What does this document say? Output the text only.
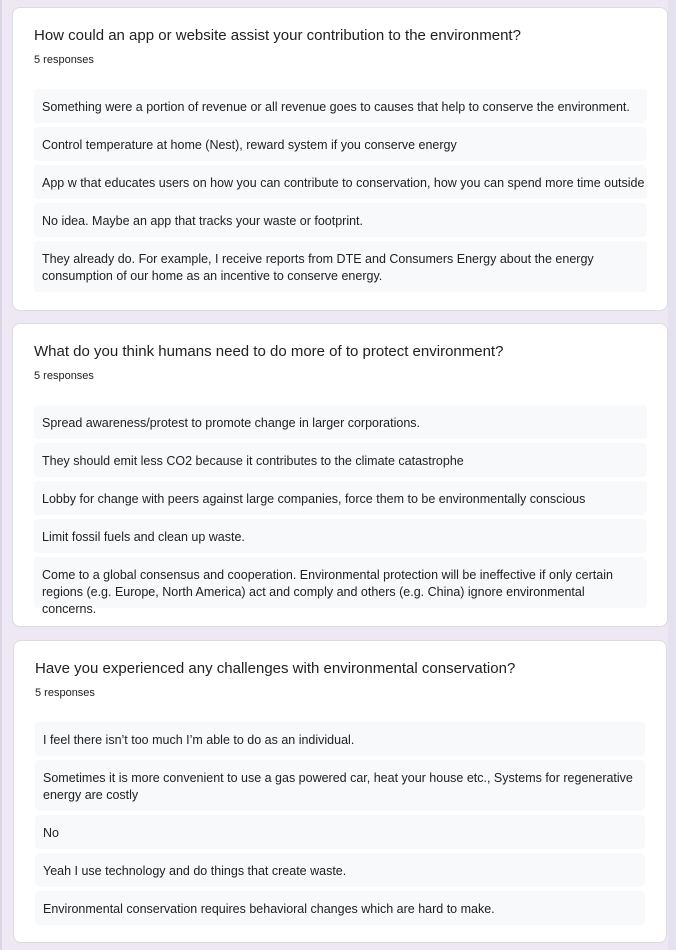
How could an app or website assist your contribution to the environment?
5 responses
Something were a portion of revenue or all revenue goes to causes that help to conserve the environment.
Control temperature at home (Nest), reward system if you conserve energy
App w that educates users on how you can contribute to conservation, how you can spend more time outside
No idea. Maybe an app that tracks your waste or footprint.
They already do. For example, I receive reports from DTE and Consumers Energy about the energy consumption of our home as an incentive to conserve energy.
What do you think humans need to do more of to protect environment?
5 responses
Spread awareness/protest to promote change in larger corporations.
They should emit less CO2 because it contributes to the climate catastrophe
Lobby for change with peers against large companies, force them to be environmentally conscious
Limit fossil fuels and clean up waste.
Come to a global consensus and cooperation. Environmental protection will be ineffective if only certain regions (e.g. Europe, North America) act and comply and others (e.g. China) ignore environmental concerns.
Have you experienced any challenges with environmental conservation?
5 responses
I feel there isn’t too much I’m able to do as an individual.
Sometimes it is more convenient to use a gas powered car, heat your house etc., Systems for regenerative energy are costly
No
Yeah I use technology and do things that create waste.
Environmental conservation requires behavioral changes which are hard to make.
